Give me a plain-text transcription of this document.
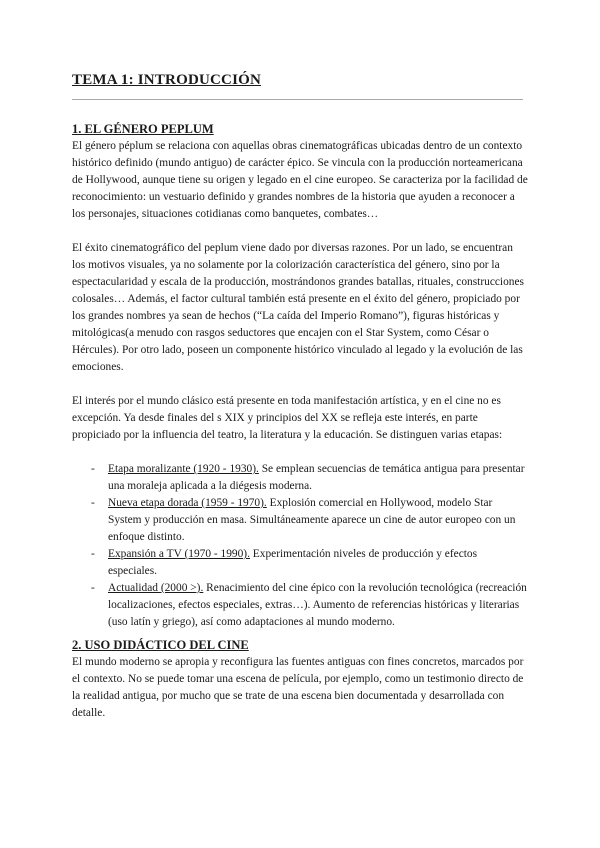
TEMA 1: INTRODUCCIÓN
1. EL GÉNERO PEPLUM

El género péplum se relaciona con aquellas obras cinematográficas ubicadas dentro de un contexto histórico definido (mundo antiguo) de carácter épico. Se vincula con la producción norteamericana de Hollywood, aunque tiene su origen y legado en el cine europeo. Se caracteriza por la facilidad de reconocimiento: un vestuario definido y grandes nombres de la historia que ayuden a reconocer a los personajes, situaciones cotidianas como banquetes, combates…

El éxito cinematográfico del peplum viene dado por diversas razones. Por un lado, se encuentran los motivos visuales, ya no solamente por la colorización característica del género, sino por la espectacularidad y escala de la producción, mostrándonos grandes batallas, rituales, construcciones colosales… Además, el factor cultural también está presente en el éxito del género, propiciado por los grandes nombres ya sean de hechos (“La caída del Imperio Romano”), figuras históricas y mitológicas(a menudo con rasgos seductores que encajen con el Star System, como César o Hércules). Por otro lado, poseen un componente histórico vinculado al legado y la evolución de las emociones.

El interés por el mundo clásico está presente en toda manifestación artística, y en el cine no es excepción. Ya desde finales del s XIX y principios del XX se refleja este interés, en parte propiciado por la influencia del teatro, la literatura y la educación. Se distinguen varias etapas:

- Etapa moralizante (1920 - 1930). Se emplean secuencias de temática antigua para presentar una moraleja aplicada a la diégesis moderna.
- Nueva etapa dorada (1959 - 1970). Explosión comercial en Hollywood, modelo Star System y producción en masa. Simultáneamente aparece un cine de autor europeo con un enfoque distinto.
- Expansión a TV (1970 - 1990). Experimentación niveles de producción y efectos especiales.
- Actualidad (2000 >). Renacimiento del cine épico con la revolución tecnológica (recreación localizaciones, efectos especiales, extras…). Aumento de referencias históricas y literarias (uso latín y griego), así como adaptaciones al mundo moderno.
2. USO DIDÁCTICO DEL CINE

El mundo moderno se apropia y reconfigura las fuentes antiguas con fines concretos, marcados por el contexto. No se puede tomar una escena de película, por ejemplo, como un testimonio directo de la realidad antigua, por mucho que se trate de una escena bien documentada y desarrollada con detalle.
